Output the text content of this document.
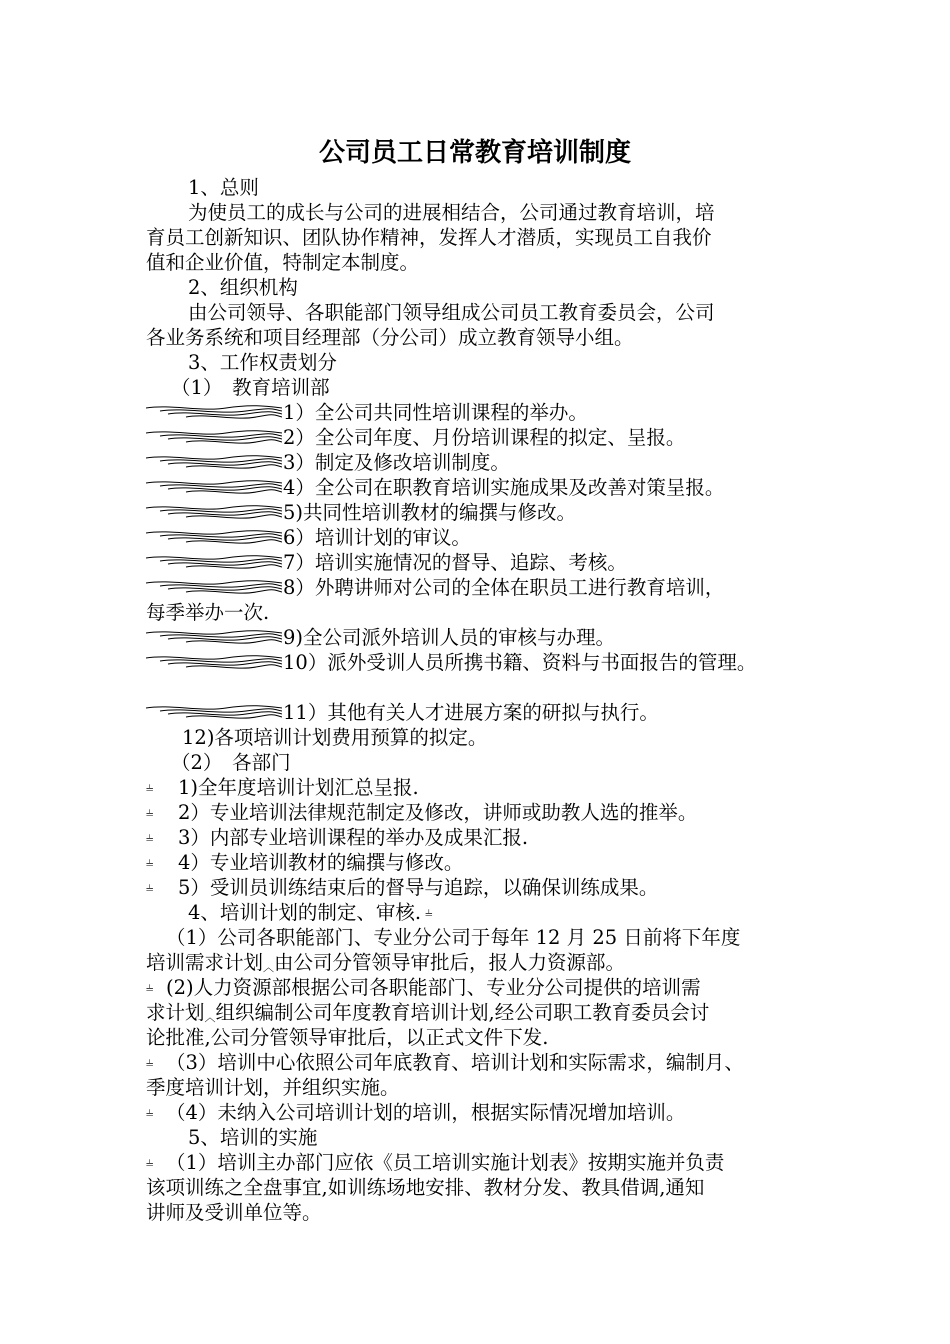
公司员工日常教育培训制度
1、总则
为使员工的成长与公司的进展相结合，公司通过教育培训，培
育员工创新知识、团队协作精神，发挥人才潜质，实现员工自我价
值和企业价值，特制定本制度。
2、组织机构
由公司领导、各职能部门领导组成公司员工教育委员会，公司
各业务系统和项目经理部（分公司）成立教育领导小组。
3、工作权责划分
（1）　教育培训部
1）全公司共同性培训课程的举办。
2）全公司年度、月份培训课程的拟定、呈报。
3）制定及修改培训制度。
4）全公司在职教育培训实施成果及改善对策呈报。
5)共同性培训教材的编撰与修改。
6）培训计划的审议。
7）培训实施情况的督导、追踪、考核。
8）外聘讲师对公司的全体在职员工进行教育培训，
每季举办一次.
9)全公司派外培训人员的审核与办理。
10）派外受训人员所携书籍、资料与书面报告的管理。
11）其他有关人才进展方案的研拟与执行。
12)各项培训计划费用预算的拟定。
（2）　各部门
⫨ 1)全年度培训计划汇总呈报.
⫨ 2）专业培训法律规范制定及修改，讲师或助教人选的推举。
⫨ 3）内部专业培训课程的举办及成果汇报.
⫨ 4）专业培训教材的编撰与修改。
⫨ 5）受训员训练结束后的督导与追踪，以确保训练成果。
4、培训计划的制定、审核. ⫨
（1）公司各职能部门、专业分公司于每年 12 月 25 日前将下年度
培训需求计划︿由公司分管领导审批后，报人力资源部。
⫨ (2)人力资源部根据公司各职能部门、专业分公司提供的培训需
求计划︿组织编制公司年度教育培训计划,经公司职工教育委员会讨
论批准,公司分管领导审批后，以正式文件下发.
⫨ （3）培训中心依照公司年底教育、培训计划和实际需求，编制月、
季度培训计划，并组织实施。
⫨ （4）未纳入公司培训计划的培训，根据实际情况增加培训。
5、培训的实施
⫨ （1）培训主办部门应依《员工培训实施计划表》按期实施并负责
该项训练之全盘事宜,如训练场地安排、教材分发、教具借调,通知
讲师及受训单位等。
